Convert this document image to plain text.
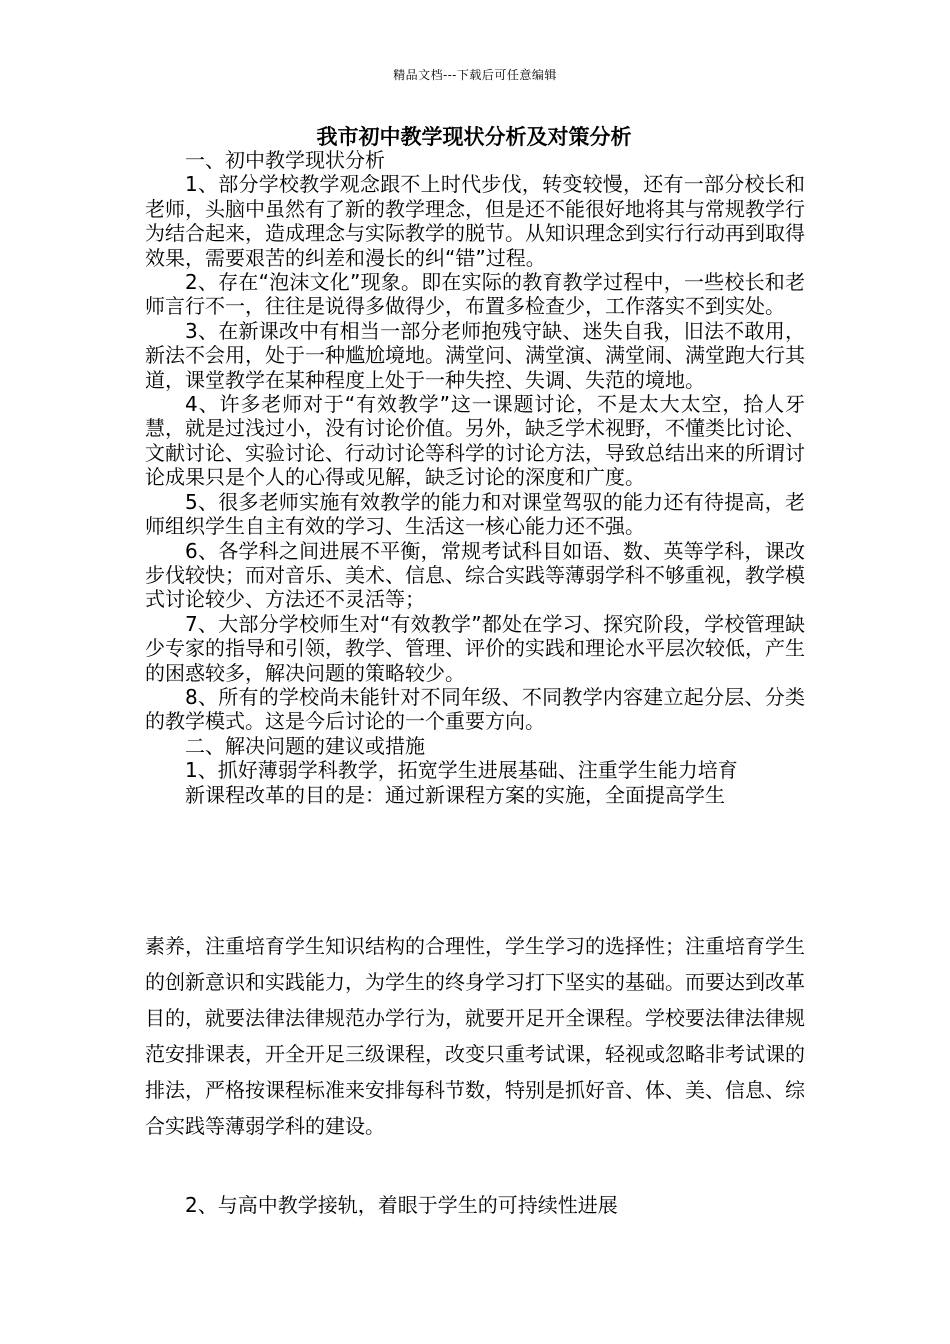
精品文档---下载后可任意编辑
我市初中教学现状分析及对策分析

一、初中教学现状分析

1、部分学校教学观念跟不上时代步伐，转变较慢，还有一部分校长和老师，头脑中虽然有了新的教学理念，但是还不能很好地将其与常规教学行为结合起来，造成理念与实际教学的脱节。从知识理念到实行行动再到取得效果，需要艰苦的纠差和漫长的纠“错”过程。

2、存在“泡沫文化”现象。即在实际的教育教学过程中，一些校长和老师言行不一，往往是说得多做得少，布置多检查少，工作落实不到实处。

3、在新课改中有相当一部分老师抱残守缺、迷失自我，旧法不敢用，新法不会用，处于一种尴尬境地。满堂问、满堂演、满堂闹、满堂跑大行其道，课堂教学在某种程度上处于一种失控、失调、失范的境地。

4、许多老师对于“有效教学”这一课题讨论，不是太大太空，拾人牙慧，就是过浅过小，没有讨论价值。另外，缺乏学术视野，不懂类比讨论、文献讨论、实验讨论、行动讨论等科学的讨论方法，导致总结出来的所谓讨论成果只是个人的心得或见解，缺乏讨论的深度和广度。

5、很多老师实施有效教学的能力和对课堂驾驭的能力还有待提高，老师组织学生自主有效的学习、生活这一核心能力还不强。

6、各学科之间进展不平衡，常规考试科目如语、数、英等学科，课改步伐较快；而对音乐、美术、信息、综合实践等薄弱学科不够重视，教学模式讨论较少、方法还不灵活等；

7、大部分学校师生对“有效教学”都处在学习、探究阶段，学校管理缺少专家的指导和引领，教学、管理、评价的实践和理论水平层次较低，产生的困惑较多，解决问题的策略较少。

8、所有的学校尚未能针对不同年级、不同教学内容建立起分层、分类的教学模式。这是今后讨论的一个重要方向。

二、解决问题的建议或措施

1、抓好薄弱学科教学，拓宽学生进展基础、注重学生能力培育

新课程改革的目的是：通过新课程方案的实施，全面提高学生

素养，注重培育学生知识结构的合理性，学生学习的选择性；注重培育学生的创新意识和实践能力，为学生的终身学习打下坚实的基础。而要达到改革目的，就要法律法律规范办学行为，就要开足开全课程。学校要法律法律规范安排课表，开全开足三级课程，改变只重考试课，轻视或忽略非考试课的排法，严格按课程标准来安排每科节数，特别是抓好音、体、美、信息、综合实践等薄弱学科的建设。

2、与高中教学接轨，着眼于学生的可持续性进展
